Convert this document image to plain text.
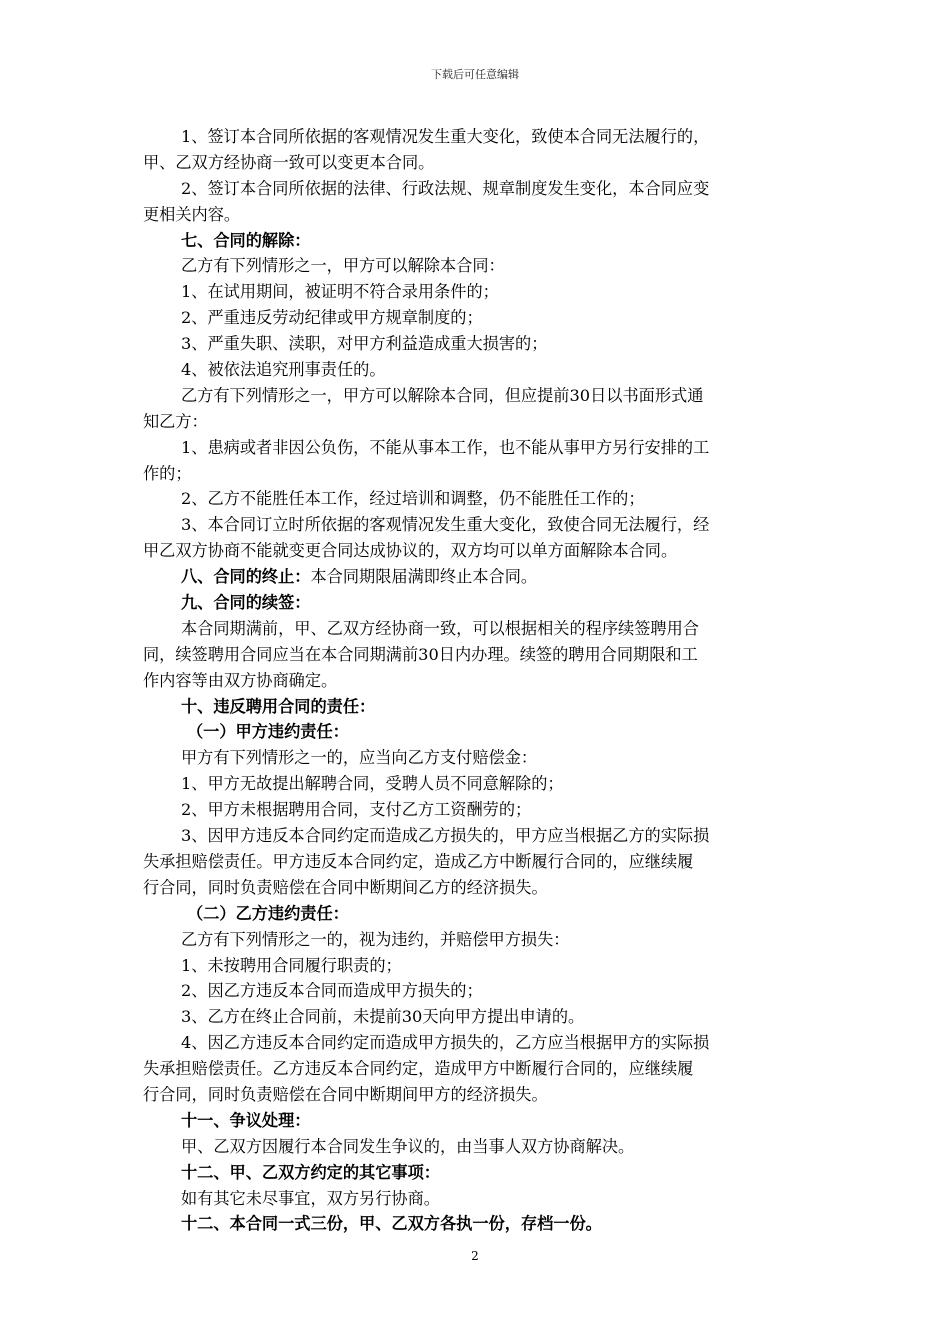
下载后可任意编辑
1、签订本合同所依据的客观情况发生重大变化，致使本合同无法履行的，
甲、乙双方经协商一致可以变更本合同。
2、签订本合同所依据的法律、行政法规、规章制度发生变化，本合同应变
更相关内容。
七、合同的解除：
乙方有下列情形之一，甲方可以解除本合同：
1、在试用期间，被证明不符合录用条件的；
2、严重违反劳动纪律或甲方规章制度的；
3、严重失职、渎职，对甲方利益造成重大损害的；
4、被依法追究刑事责任的。
乙方有下列情形之一，甲方可以解除本合同，但应提前30日以书面形式通
知乙方：
1、患病或者非因公负伤，不能从事本工作，也不能从事甲方另行安排的工
作的；
2、乙方不能胜任本工作，经过培训和调整，仍不能胜任工作的；
3、本合同订立时所依据的客观情况发生重大变化，致使合同无法履行，经
甲乙双方协商不能就变更合同达成协议的，双方均可以单方面解除本合同。
八、合同的终止：本合同期限届满即终止本合同。
九、合同的续签：
本合同期满前，甲、乙双方经协商一致，可以根据相关的程序续签聘用合
同，续签聘用合同应当在本合同期满前30日内办理。续签的聘用合同期限和工
作内容等由双方协商确定。
十、违反聘用合同的责任：
（一）甲方违约责任：
甲方有下列情形之一的，应当向乙方支付赔偿金：
1、甲方无故提出解聘合同，受聘人员不同意解除的；
2、甲方未根据聘用合同，支付乙方工资酬劳的；
3、因甲方违反本合同约定而造成乙方损失的，甲方应当根据乙方的实际损
失承担赔偿责任。甲方违反本合同约定，造成乙方中断履行合同的，应继续履
行合同，同时负责赔偿在合同中断期间乙方的经济损失。
（二）乙方违约责任：
乙方有下列情形之一的，视为违约，并赔偿甲方损失：
1、未按聘用合同履行职责的；
2、因乙方违反本合同而造成甲方损失的；
3、乙方在终止合同前，未提前30天向甲方提出申请的。
4、因乙方违反本合同约定而造成甲方损失的，乙方应当根据甲方的实际损
失承担赔偿责任。乙方违反本合同约定，造成甲方中断履行合同的，应继续履
行合同，同时负责赔偿在合同中断期间甲方的经济损失。
十一、争议处理：
甲、乙双方因履行本合同发生争议的，由当事人双方协商解决。
十二、甲、乙双方约定的其它事项：
如有其它未尽事宜，双方另行协商。
十二、本合同一式三份，甲、乙双方各执一份，存档一份。
2
